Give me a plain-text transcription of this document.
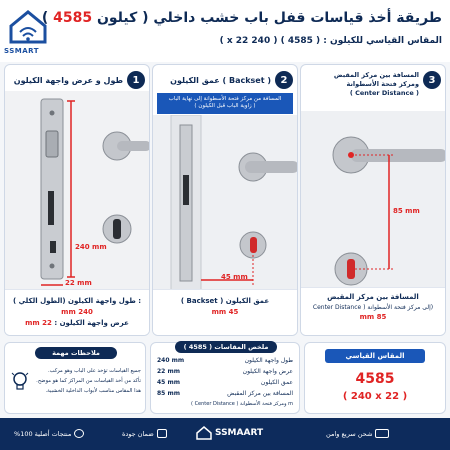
SSMART
طريقة أخذ قياسات قفل باب خشب داخلي ( كيلون 4585 )
المقاس القياسي للكيلون : ( 4585 ) ( 240 x 22 )
طول و عرض واجهة الكيلون 1
240 mm
22 mm
: طول واجهة الكيلون (الطول الكلي ) 240 mm
عرض واجهة الكيلون : 22 mm
عمق الكيلون ( Backset ) 2
المسافة من مركز فتحة الأسطوانة إلى نهاية الباب
( زاوية الباب قبل الكيلون )
45 mm
عمق الكيلون ( Backset )
45 mm
المسافة بين مركز المقبض
ومركز فتحة الأسطوانة
( Center Distance )
3
85 mm
المسافة بين مركز المقبض
(إلى مركز فتحة الأسطوانة ( Center Distance
85 mm
ملاحظات مهمة
جميع القياسات تؤخذ على الباب وهو مركب.
تأكد من أخذ القياسات من المراكز كما هو موضح.
هذا المقاس مناسب لأبواب الداخلية الخشبية.
ملخص المقاسات ( 4585 )
طول واجهة الكيلون
240 mm
عرض واجهة الكيلون
22 mm
عمق الكيلون
45 mm
المسافة بين مركز المقبض
85 mm
m ومركز فتحة الأسطوانة ( Center Distance )
المقاس القياسي
4585
( 240 x 22 )
منتجات أصلية 100%	ضمان جودة	SSMAART	شحن سريع وامن
